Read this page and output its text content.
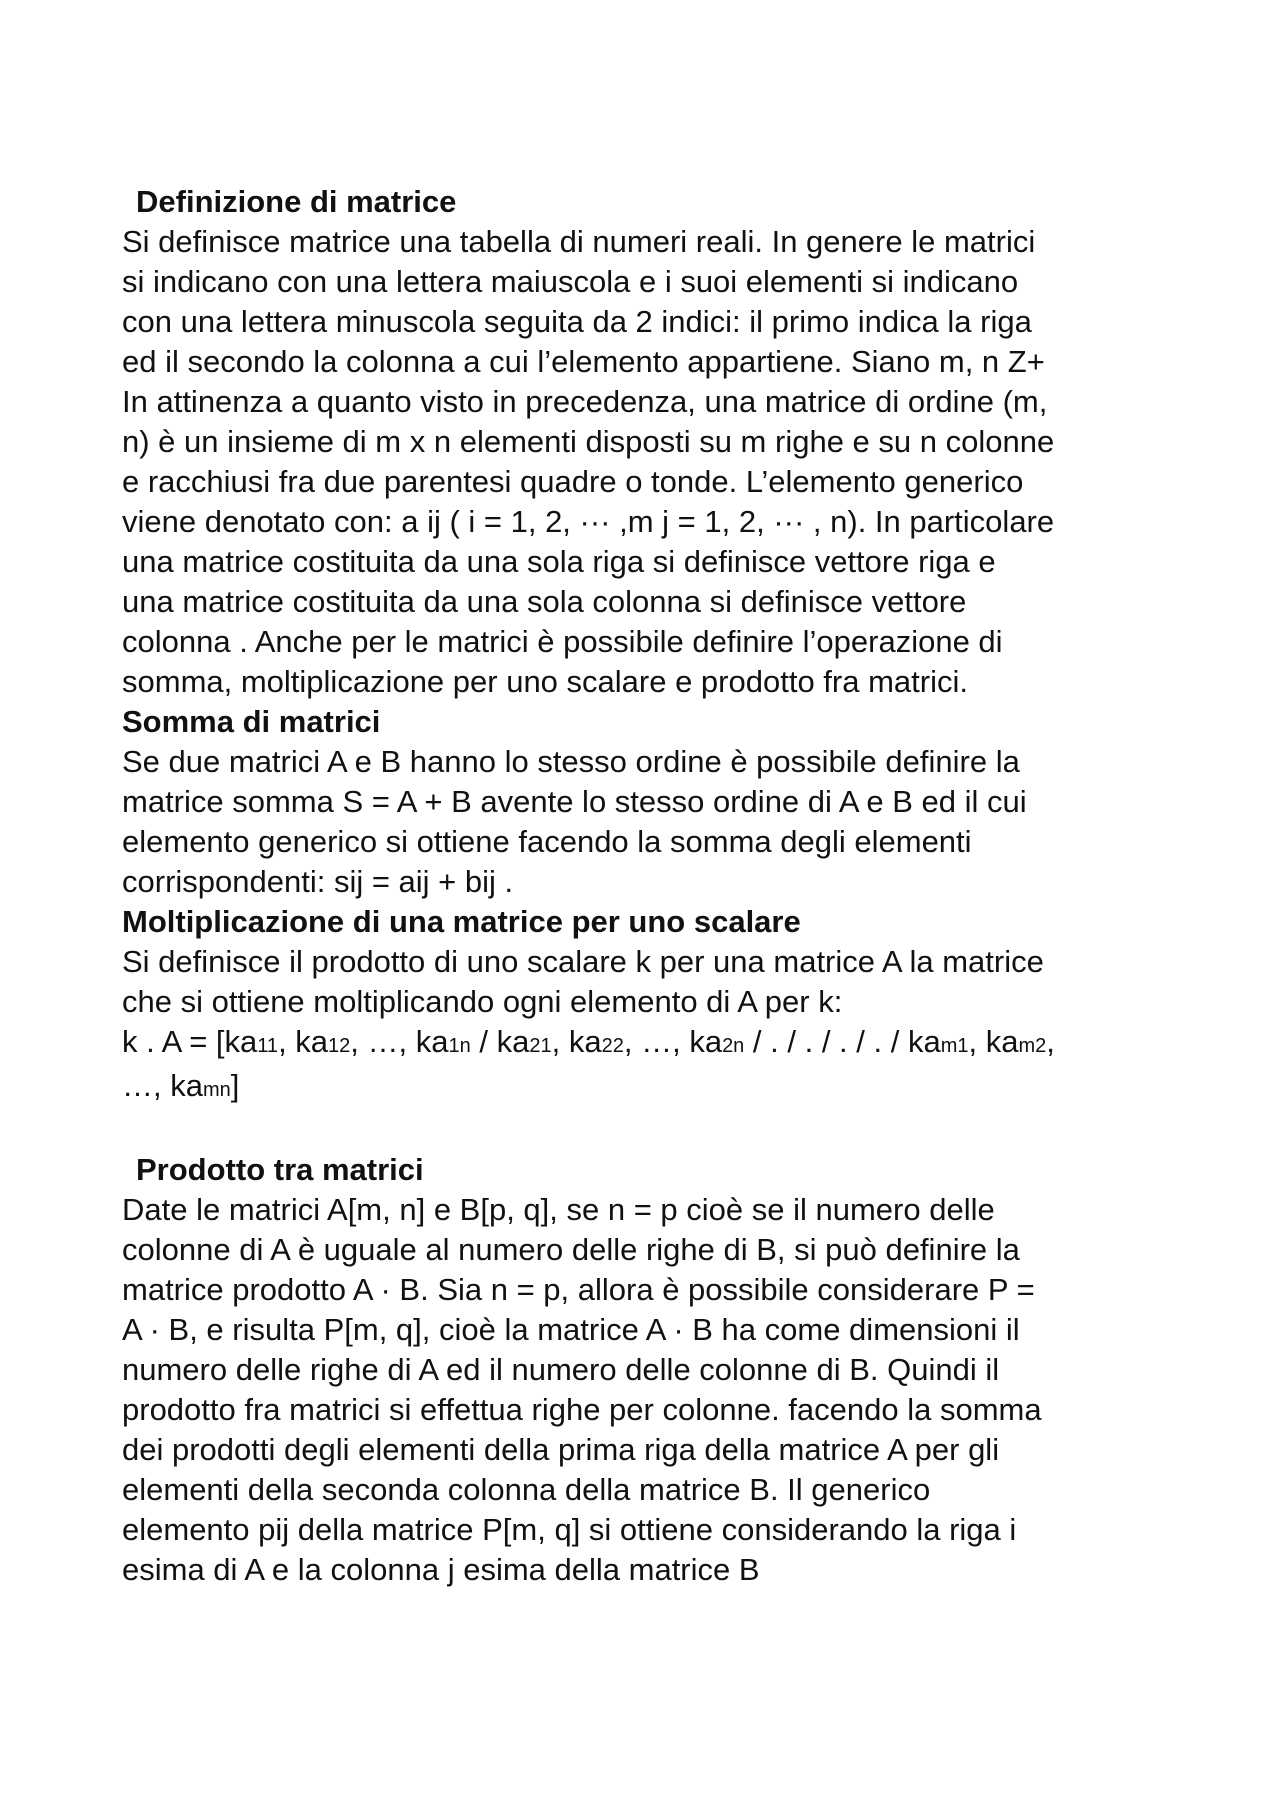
Definizione di matrice

Si definisce matrice una tabella di numeri reali. In genere le matrici

si indicano con una lettera maiuscola e i suoi elementi si indicano

con una lettera minuscola seguita da 2 indici: il primo indica la riga

ed il secondo la colonna a cui l’elemento appartiene. Siano m, n Z+

In attinenza a quanto visto in precedenza, una matrice di ordine (m,

n) è un insieme di m x n elementi disposti su m righe e su n colonne

e racchiusi fra due parentesi quadre o tonde. L’elemento generico

viene denotato con: a ij ( i = 1, 2, ··· ,m j = 1, 2, ··· , n). In particolare

una matrice costituita da una sola riga si definisce vettore riga e

una matrice costituita da una sola colonna si definisce vettore

colonna . Anche per le matrici è possibile definire l’operazione di

somma, moltiplicazione per uno scalare e prodotto fra matrici.

Somma di matrici

Se due matrici A e B hanno lo stesso ordine è possibile definire la

matrice somma S = A + B avente lo stesso ordine di A e B ed il cui

elemento generico si ottiene facendo la somma degli elementi

corrispondenti: sij = aij + bij .

Moltiplicazione di una matrice per uno scalare

Si definisce il prodotto di uno scalare k per una matrice A la matrice

che si ottiene moltiplicando ogni elemento di A per k:

k . A = [ka11, ka12, …, ka1n / ka21, ka22, …, ka2n / . / . / . / . / kam1, kam2,

…, kamn]

Prodotto tra matrici

Date le matrici A[m, n] e B[p, q], se n = p cioè se il numero delle

colonne di A è uguale al numero delle righe di B, si può definire la

matrice prodotto A · B. Sia n = p, allora è possibile considerare P =

A · B, e risulta P[m, q], cioè la matrice A · B ha come dimensioni il

numero delle righe di A ed il numero delle colonne di B. Quindi il

prodotto fra matrici si effettua righe per colonne. facendo la somma

dei prodotti degli elementi della prima riga della matrice A per gli

elementi della seconda colonna della matrice B. Il generico

elemento pij della matrice P[m, q] si ottiene considerando la riga i

esima di A e la colonna j esima della matrice B
